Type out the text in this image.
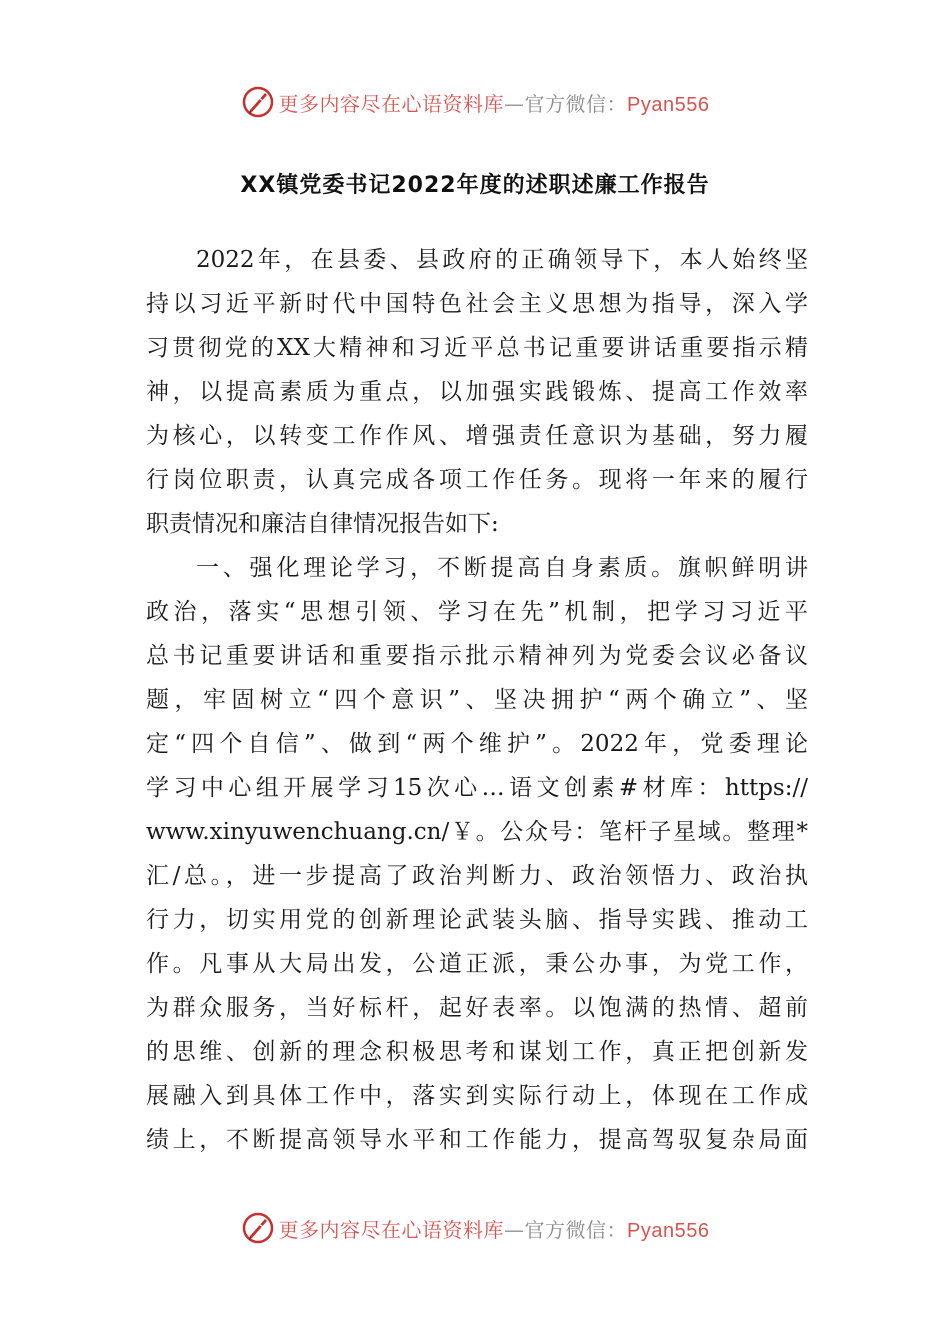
更多内容尽在心语资料库—官方微信：Pyan556
XX镇党委书记2022年度的述职述廉工作报告
2022年，在县委、县政府的正确领导下，本人始终坚
持以习近平新时代中国特色社会主义思想为指导，深入学
习贯彻党的XX大精神和习近平总书记重要讲话重要指示精
神，以提高素质为重点，以加强实践锻炼、提高工作效率
为核心，以转变工作作风、增强责任意识为基础，努力履
行岗位职责，认真完成各项工作任务。现将一年来的履行
职责情况和廉洁自律情况报告如下:
一、强化理论学习，不断提高自身素质。旗帜鲜明讲
政治，落实“思想引领、学习在先”机制，把学习习近平
总书记重要讲话和重要指示批示精神列为党委会议必备议
题，牢固树立“四个意识”、坚决拥护“两个确立”、坚
定“四个自信”、做到“两个维护”。2022年，党委理论
学习中心组开展学习15次心…语文创素#材库：https://
www.xinyuwenchuang.cn/￥。公众号：笔杆子星域。整理*
汇/总。，进一步提高了政治判断力、政治领悟力、政治执
行力，切实用党的创新理论武装头脑、指导实践、推动工
作。凡事从大局出发，公道正派，秉公办事，为党工作，
为群众服务，当好标杆，起好表率。以饱满的热情、超前
的思维、创新的理念积极思考和谋划工作，真正把创新发
展融入到具体工作中，落实到实际行动上，体现在工作成
绩上，不断提高领导水平和工作能力，提高驾驭复杂局面
更多内容尽在心语资料库—官方微信：Pyan556
